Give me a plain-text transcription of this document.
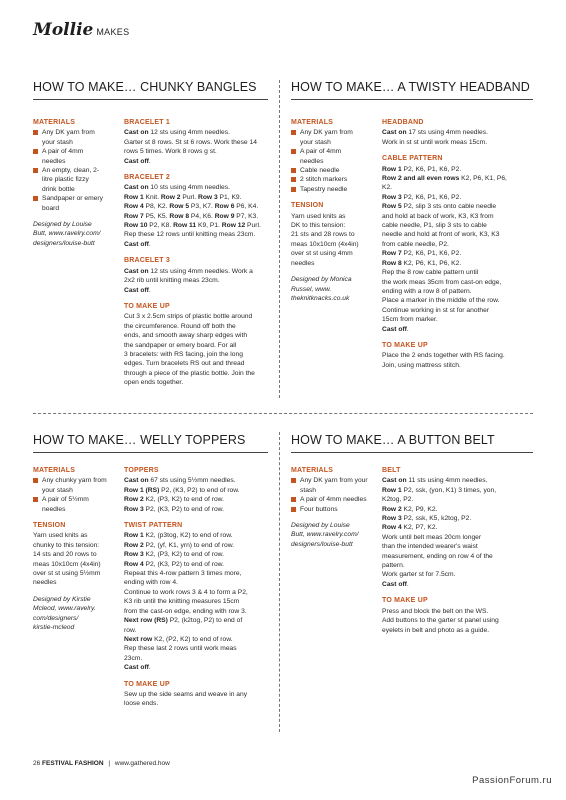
Mollie MAKES
HOW TO MAKE… CHUNKY BANGLES
MATERIALS
Any DK yarn from your stash
A pair of 4mm needles
An empty, clean, 2-litre plastic fizzy drink bottle
Sandpaper or emery board
Designed by Louise
Butt, www.ravelry.com/
designers/louise-butt
BRACELET 1
Cast on 12 sts using 4mm needles.
Garter st 8 rows. St st 6 rows. Work these 14
rows 5 times. Work 8 rows g st.
Cast off.
BRACELET 2
Cast on 10 sts using 4mm needles.
Row 1 Knit. Row 2 Purl. Row 3 P1, K9.
Row 4 P8, K2. Row 5 P3, K7. Row 6 P6, K4.
Row 7 P5, K5. Row 8 P4, K6. Row 9 P7, K3.
Row 10 P2, K8. Row 11 K9, P1. Row 12 Purl.
Rep these 12 rows until knitting meas 23cm.
Cast off.
BRACELET 3
Cast on 12 sts using 4mm needles. Work a
2x2 rib until knitting meas 23cm.
Cast off.
TO MAKE UP
Cut 3 x 2.5cm strips of plastic bottle around
the circumference. Round off both the
ends, and smooth away sharp edges with
the sandpaper or emery board. For all
3 bracelets: with RS facing, join the long
edges. Turn bracelets RS out and thread
through a piece of the plastic bottle. Join the
open ends together.
HOW TO MAKE… A TWISTY HEADBAND
MATERIALS
Any DK yarn from your stash
A pair of 4mm needles
Cable needle
2 stitch markers
Tapestry needle
TENSION
Yarn used knits as
DK to this tension:
21 sts and 28 rows to
meas 10x10cm (4x4in)
over st st using 4mm
needles
Designed by Monica
Russel, www.
theknitknacks.co.uk
HEADBAND
Cast on 17 sts using 4mm needles.
Work in st st until work meas 15cm.
CABLE PATTERN
Row 1 P2, K6, P1, K6, P2.
Row 2 and all even rows K2, P6, K1, P6,
K2.
Row 3 P2, K6, P1, K6, P2.
Row 5 P2, slip 3 sts onto cable needle
and hold at back of work, K3, K3 from
cable needle, P1, slip 3 sts to cable
needle and hold at front of work, K3, K3
from cable needle, P2.
Row 7 P2, K6, P1, K6, P2.
Row 8 K2, P6, K1, P6, K2.
Rep the 8 row cable pattern until
the work meas 35cm from cast-on edge,
ending with a row 8 of pattern.
Place a marker in the middle of the row.
Continue working in st st for another
15cm from marker.
Cast off.
TO MAKE UP
Place the 2 ends together with RS facing.
Join, using mattress stitch.
HOW TO MAKE… WELLY TOPPERS
MATERIALS
Any chunky yarn from your stash
A pair of 5½mm needles
TENSION
Yarn used knits as
chunky to this tension:
14 sts and 20 rows to
meas 10x10cm (4x4in)
over st st using 5½mm
needles
Designed by Kirstie
Mcleod, www.ravelry.
com/designers/
kirstie-mcleod
TOPPERS
Cast on 67 sts using 5½mm needles.
Row 1 (RS) P2, (K3, P2) to end of row.
Row 2 K2, (P3, K2) to end of row.
Row 3 P2, (K3, P2) to end of row.
TWIST PATTERN
Row 1 K2, (p3tog, K2) to end of row.
Row 2 P2, (yf, K1, yrn) to end of row.
Row 3 K2, (P3, K2) to end of row.
Row 4 P2, (K3, P2) to end of row.
Repeat this 4-row pattern 3 times more,
ending with row 4.
Continue to work rows 3 & 4 to form a P2,
K3 rib until the knitting measures 15cm
from the cast-on edge, ending with row 3.
Next row (RS) P2, (k2tog, P2) to end of
row.
Next row K2, (P2, K2) to end of row.
Rep these last 2 rows until work meas
23cm.
Cast off.
TO MAKE UP
Sew up the side seams and weave in any
loose ends.
HOW TO MAKE… A BUTTON BELT
MATERIALS
Any DK yarn from your stash
A pair of 4mm needles
Four buttons
Designed by Louise
Butt, www.ravelry.com/
designers/louise-butt
BELT
Cast on 11 sts using 4mm needles.
Row 1 P2, ssk, (yon, K1) 3 times, yon,
K2tog, P2.
Row 2 K2, P9, K2.
Row 3 P2, ssk, K5, k2tog, P2.
Row 4 K2, P7, K2.
Work until belt meas 20cm longer
than the intended wearer's waist
measurement, ending on row 4 of the
pattern.
Work garter st for 7.5cm.
Cast off.
TO MAKE UP
Press and block the belt on the WS.
Add buttons to the garter st panel using
eyelets in belt and photo as a guide.
26 FESTIVAL FASHION | www.gathered.how
PassionForum.ru
